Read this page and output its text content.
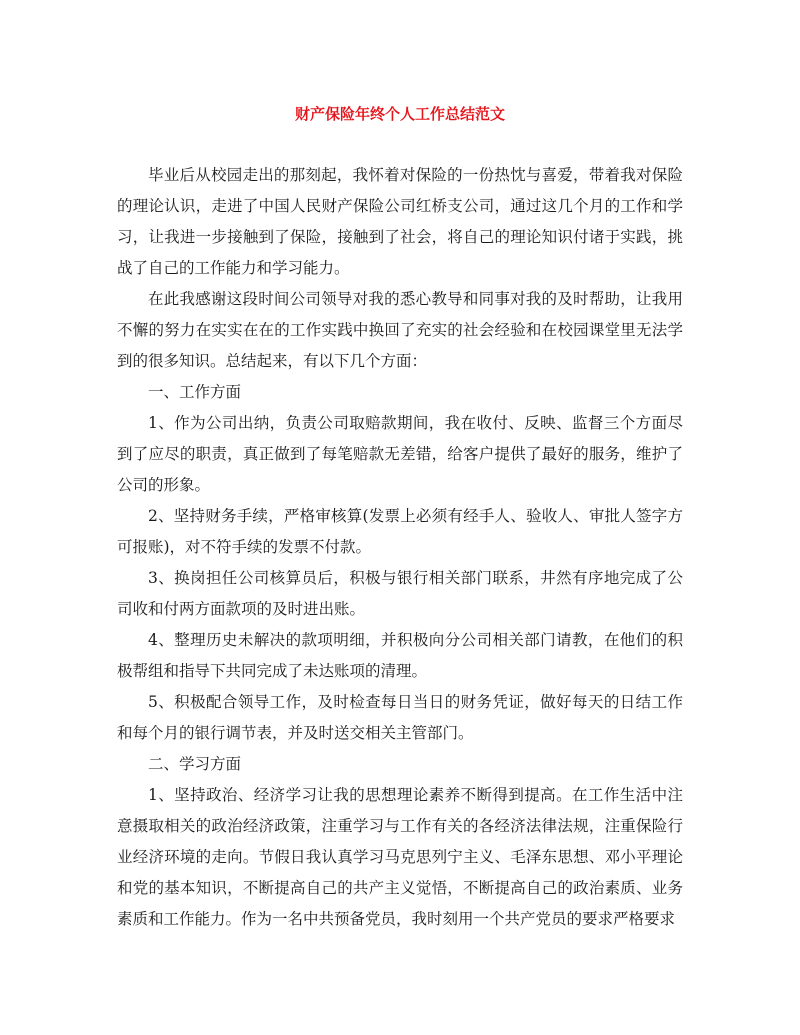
财产保险年终个人工作总结范文

毕业后从校园走出的那刻起，我怀着对保险的一份热忱与喜爱，带着我对保险的理论认识，走进了中国人民财产保险公司红桥支公司，通过这几个月的工作和学习，让我进一步接触到了保险，接触到了社会，将自己的理论知识付诸于实践，挑战了自己的工作能力和学习能力。

在此我感谢这段时间公司领导对我的悉心教导和同事对我的及时帮助，让我用不懈的努力在实实在在的工作实践中换回了充实的社会经验和在校园课堂里无法学到的很多知识。总结起来，有以下几个方面：

一、工作方面

1、作为公司出纳，负责公司取赔款期间，我在收付、反映、监督三个方面尽到了应尽的职责，真正做到了每笔赔款无差错，给客户提供了最好的服务，维护了公司的形象。

2、坚持财务手续，严格审核算(发票上必须有经手人、验收人、审批人签字方可报账)，对不符手续的发票不付款。

3、换岗担任公司核算员后，积极与银行相关部门联系，井然有序地完成了公司收和付两方面款项的及时进出账。

4、整理历史未解决的款项明细，并积极向分公司相关部门请教，在他们的积极帮组和指导下共同完成了未达账项的清理。

5、积极配合领导工作，及时检查每日当日的财务凭证，做好每天的日结工作和每个月的银行调节表，并及时送交相关主管部门。

二、学习方面

1、坚持政治、经济学习让我的思想理论素养不断得到提高。在工作生活中注意摄取相关的政治经济政策，注重学习与工作有关的各经济法律法规，注重保险行业经济环境的走向。节假日我认真学习马克思列宁主义、毛泽东思想、邓小平理论和党的基本知识，不断提高自己的共产主义觉悟，不断提高自己的政治素质、业务素质和工作能力。作为一名中共预备党员，我时刻用一个共产党员的要求严格要求
